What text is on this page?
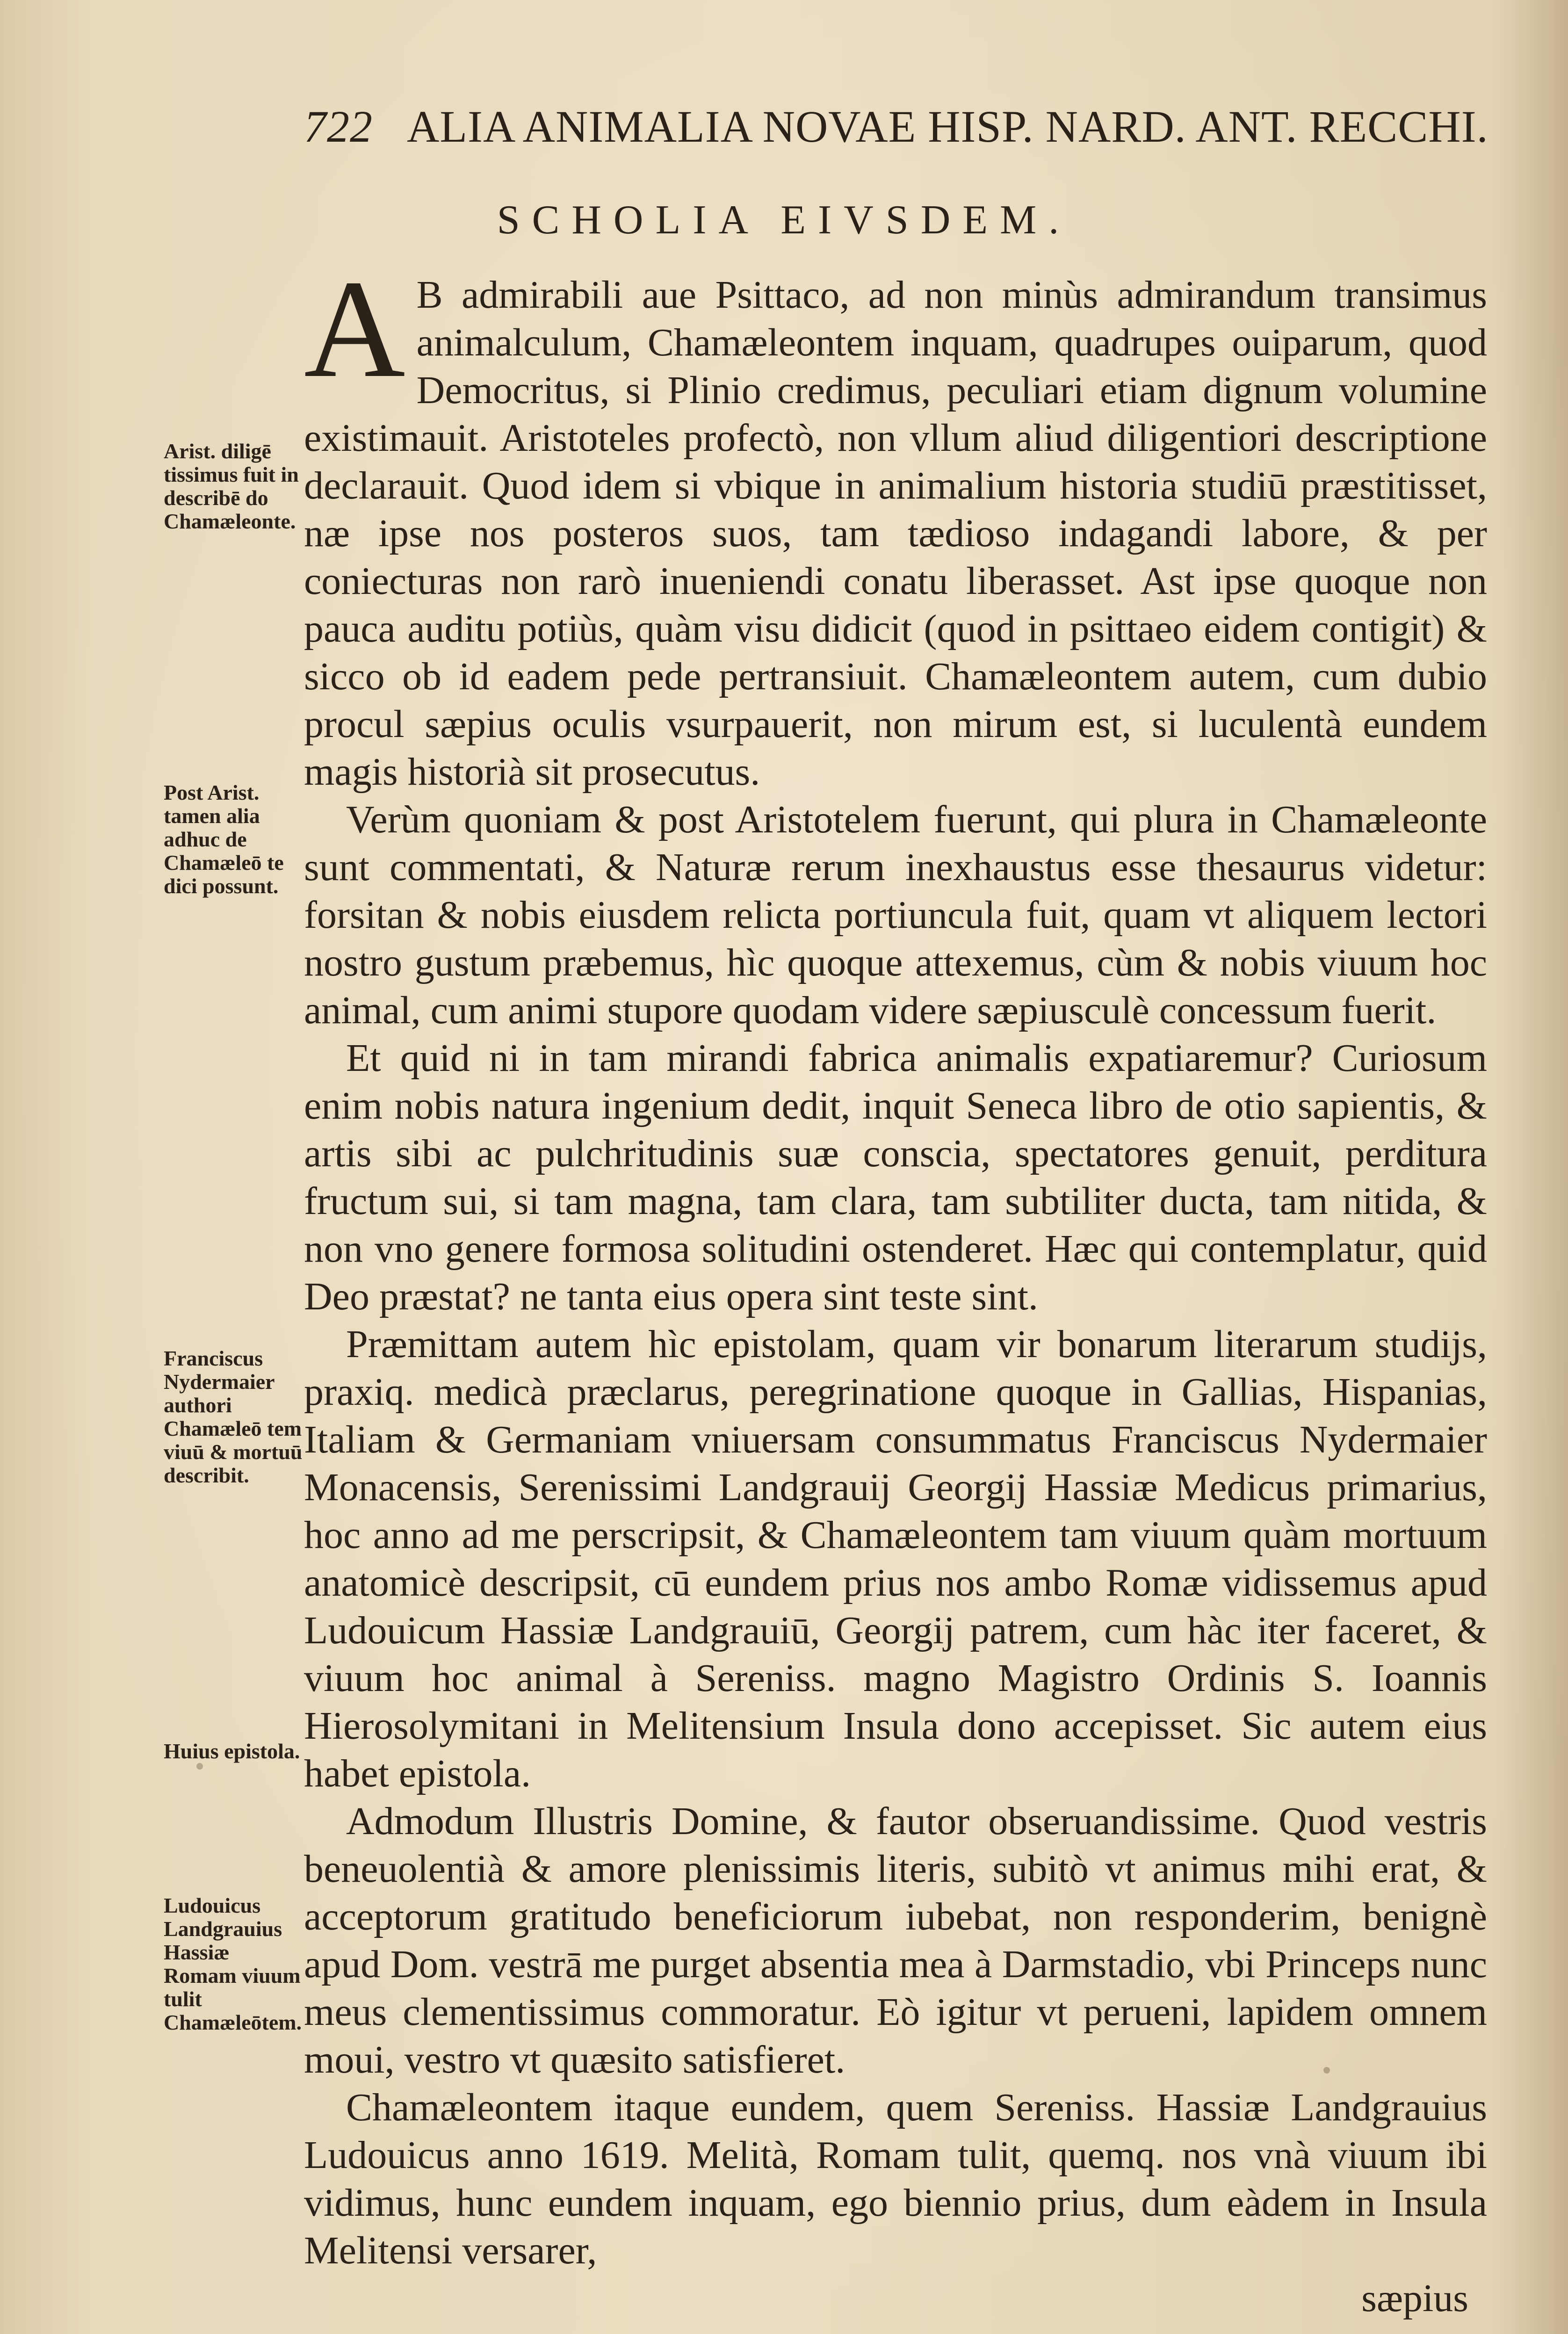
722 ALIA ANIMALIA NOVAE HISP. NARD. ANT. RECCHI.
SCHOLIA EIVSDEM.

A B admirabili aue Psittaco, ad non minùs admirandum transimus animalculum, Chamæleontem inquam, quadrupes ouiparum, quod Democritus, si Plinio credimus, peculiari etiam dignum volumine existimauit. Aristoteles profectò, non vllum aliud diligentiori descriptione declarauit. Quod idem si vbique in animalium historia studiū præstitisset, næ ipse nos posteros suos, tam tædioso indagandi labore, & per coniecturas non rarò inueniendi conatu liberasset. Ast ipse quoque non pauca auditu potiùs, quàm visu didicit (quod in psittaeo eidem contigit) & sicco ob id eadem pede pertransiuit. Chamæleontem autem, cum dubio procul sæpius oculis vsurpauerit, non mirum est, si luculentà eundem magis historià sit prosecutus.

Verùm quoniam & post Aristotelem fuerunt, qui plura in Chamæleonte sunt commentati, & Naturæ rerum inexhaustus esse thesaurus videtur: forsitan & nobis eiusdem relicta portiuncula fuit, quam vt aliquem lectori nostro gustum præbemus, hìc quoque attexemus, cùm & nobis viuum hoc animal, cum animi stupore quodam videre sæpiusculè concessum fuerit.

Et quid ni in tam mirandi fabrica animalis expatiaremur? Curiosum enim nobis natura ingenium dedit, inquit Seneca libro de otio sapientis, & artis sibi ac pulchritudinis suæ conscia, spectatores genuit, perditura fructum sui, si tam magna, tam clara, tam subtiliter ducta, tam nitida, & non vno genere formosa solitudini ostenderet. Hæc qui contemplatur, quid Deo præstat? ne tanta eius opera sint teste sint.

Præmittam autem hìc epistolam, quam vir bonarum literarum studijs, praxiq. medicà præclarus, peregrinatione quoque in Gallias, Hispanias, Italiam & Germaniam vniuersam consummatus Franciscus Nydermaier Monacensis, Serenissimi Landgrauij Georgij Hassiæ Medicus primarius, hoc anno ad me perscripsit, & Chamæleontem tam viuum quàm mortuum anatomicè descripsit, cū eundem prius nos ambo Romæ vidissemus apud Ludouicum Hassiæ Landgrauiū, Georgij patrem, cum hàc iter faceret, & viuum hoc animal à Sereniss. magno Magistro Ordinis S. Ioannis Hierosolymitani in Melitensium Insula dono accepisset. Sic autem eius habet epistola.

Admodum Illustris Domine, & fautor obseruandissime. Quod vestris beneuolentià & amore plenissimis literis, subitò vt animus mihi erat, & acceptorum gratitudo beneficiorum iubebat, non responderim, benignè apud Dom. vestrā me purget absentia mea à Darmstadio, vbi Princeps nunc meus clementissimus commoratur. Eò igitur vt perueni, lapidem omnem moui, vestro vt quæsito satisfieret.

Chamæleontem itaque eundem, quem Sereniss. Hassiæ Landgrauius Ludouicus anno 1619. Melità, Romam tulit, quemq. nos vnà viuum ibi vidimus, hunc eundem inquam, ego biennio prius, dum eàdem in Insula Melitensi versarer,

sæpius
Arist. diligē tissimus fuit in describē do Chamæleonte.
Post Arist. tamen alia adhuc de Chamæleō te dici possunt.
Franciscus Nydermaier authori Chamæleō tem viuū & mortuū describit.
Huius epistola.
Ludouicus Landgrauius Hassiæ Romam viuum tulit Chamæleōtem.
